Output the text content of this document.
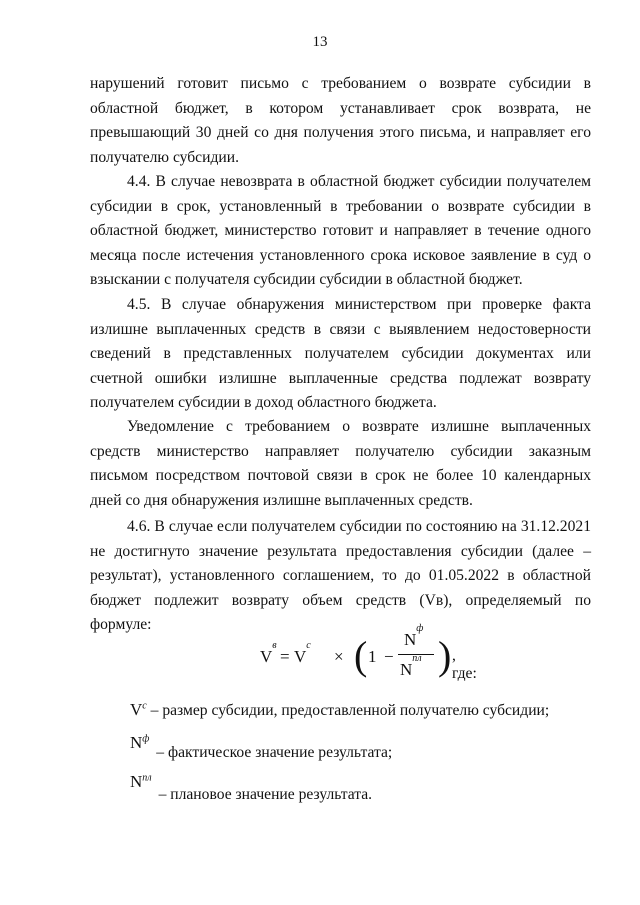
13

нарушений готовит письмо с требованием о возврате субсидии в областной бюджет, в котором устанавливает срок возврата, не превышающий 30 дней со дня получения этого письма, и направляет его получателю субсидии.

4.4. В случае невозврата в областной бюджет субсидии получателем субсидии в срок, установленный в требовании о возврате субсидии в областной бюджет, министерство готовит и направляет в течение одного месяца после истечения установленного срока исковое заявление в суд о взыскании с получателя субсидии субсидии в областной бюджет.

4.5. В случае обнаружения министерством при проверке факта излишне выплаченных средств в связи с выявлением недостоверности сведений в представленных получателем субсидии документах или счетной ошибки излишне выплаченные средства подлежат возврату получателем субсидии в доход областного бюджета.

Уведомление с требованием о возврате излишне выплаченных средств министерство направляет получателю субсидии заказным письмом посредством почтовой связи в срок не более 10 календарных дней со дня обнаружения излишне выплаченных средств.

4.6. В случае если получателем субсидии по состоянию на 31.12.2021 не достигнуто значение результата предоставления субсидии (далее – результат), установленного соглашением, то до 01.05.2022 в областной бюджет подлежит возврату объем средств (Vв), определяемый по формуле:

$V^в$
= $V^c$
× ( 1 −
$N^ф$
$N^{пл}$ ) , где:
$V^c$ – размер субсидии, предоставленной получателю субсидии;
$N^ф$ – фактическое значение результата;
$N^{пл}$ – плановое значение результата.
